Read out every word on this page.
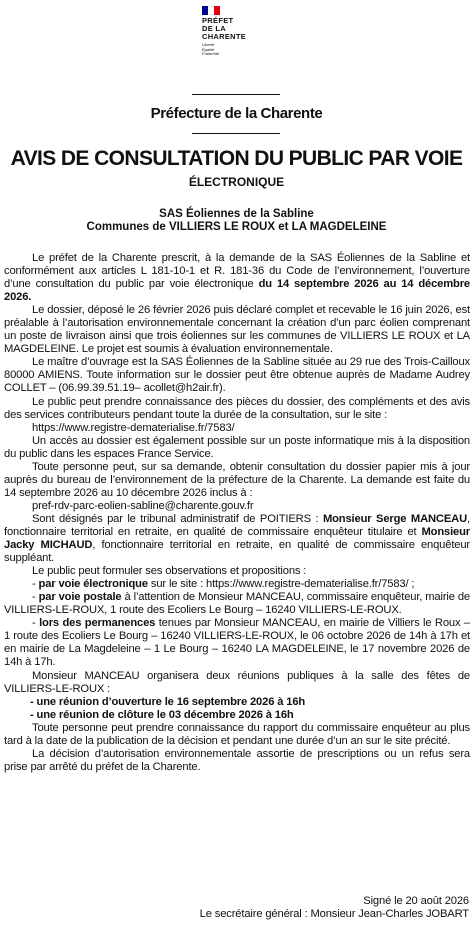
PRÉFET
DE LA
CHARENTE
Liberté
Égalité
Fraternité
Préfecture de la Charente
AVIS DE CONSULTATION DU PUBLIC PAR VOIE
ÉLECTRONIQUE
SAS Éoliennes de la Sabline
Communes de VILLIERS LE ROUX et LA MAGDELEINE

Le préfet de la Charente prescrit, à la demande de la SAS Éoliennes de la Sabline et conformément aux articles L 181-10-1 et R. 181-36 du Code de l’environnement, l’ouverture d’une consultation du public par voie électronique du 14 septembre 2026 au 14 décembre 2026.

Le dossier, déposé le 26 février 2026 puis déclaré complet et recevable le 16 juin 2026, est préalable à l’autorisation environnementale concernant la création d’un parc éolien comprenant un poste de livraison ainsi que trois éoliennes sur les communes de VILLIERS LE ROUX et LA MAGDELEINE. Le projet est soumis à évaluation environnementale.

Le maître d’ouvrage est la SAS Éoliennes de la Sabline située au 29 rue des Trois-Cailloux 80000 AMIENS. Toute information sur le dossier peut être obtenue auprès de Madame Audrey COLLET – (06.99.39.51.19– acollet@h2air.fr).

Le public peut prendre connaissance des pièces du dossier, des compléments et des avis des services contributeurs pendant toute la durée de la consultation, sur le site :

https://www.registre-dematerialise.fr/7583/

Un accès au dossier est également possible sur un poste informatique mis à la disposition du public dans les espaces France Service.

Toute personne peut, sur sa demande, obtenir consultation du dossier papier mis à jour auprès du bureau de l’environnement de la préfecture de la Charente. La demande est faite du 14 septembre 2026 au 10 décembre 2026 inclus à :

pref-rdv-parc-eolien-sabline@charente.gouv.fr

Sont désignés par le tribunal administratif de POITIERS : Monsieur Serge MANCEAU, fonctionnaire territorial en retraite, en qualité de commissaire enquêteur titulaire et Monsieur Jacky MICHAUD, fonctionnaire territorial en retraite, en qualité de commissaire enquêteur suppléant.

Le public peut formuler ses observations et propositions :

- par voie électronique sur le site : https://www.registre-dematerialise.fr/7583/ ;

- par voie postale à l’attention de Monsieur MANCEAU, commissaire enquêteur, mairie de VILLIERS-LE-ROUX, 1 route des Ecoliers Le Bourg – 16240 VILLIERS-LE-ROUX.

- lors des permanences tenues par Monsieur MANCEAU, en mairie de Villiers le Roux – 1 route des Ecoliers Le Bourg – 16240 VILLIERS-LE-ROUX, le 06 octobre 2026 de 14h à 17h et en mairie de La Magdeleine – 1 Le Bourg – 16240 LA MAGDELEINE, le 17 novembre 2026 de 14h à 17h.

Monsieur MANCEAU organisera deux réunions publiques à la salle des fêtes de VILLIERS-LE-ROUX :

- une réunion d’ouverture le 16 septembre 2026 à 16h

- une réunion de clôture le 03 décembre 2026 à 16h

Toute personne peut prendre connaissance du rapport du commissaire enquêteur au plus tard à la date de la publication de la décision et pendant une durée d’un an sur le site précité.

La décision d’autorisation environnementale assortie de prescriptions ou un refus sera prise par arrêté du préfet de la Charente.

Signé le 20 août 2026
Le secrétaire général : Monsieur Jean-Charles JOBART
